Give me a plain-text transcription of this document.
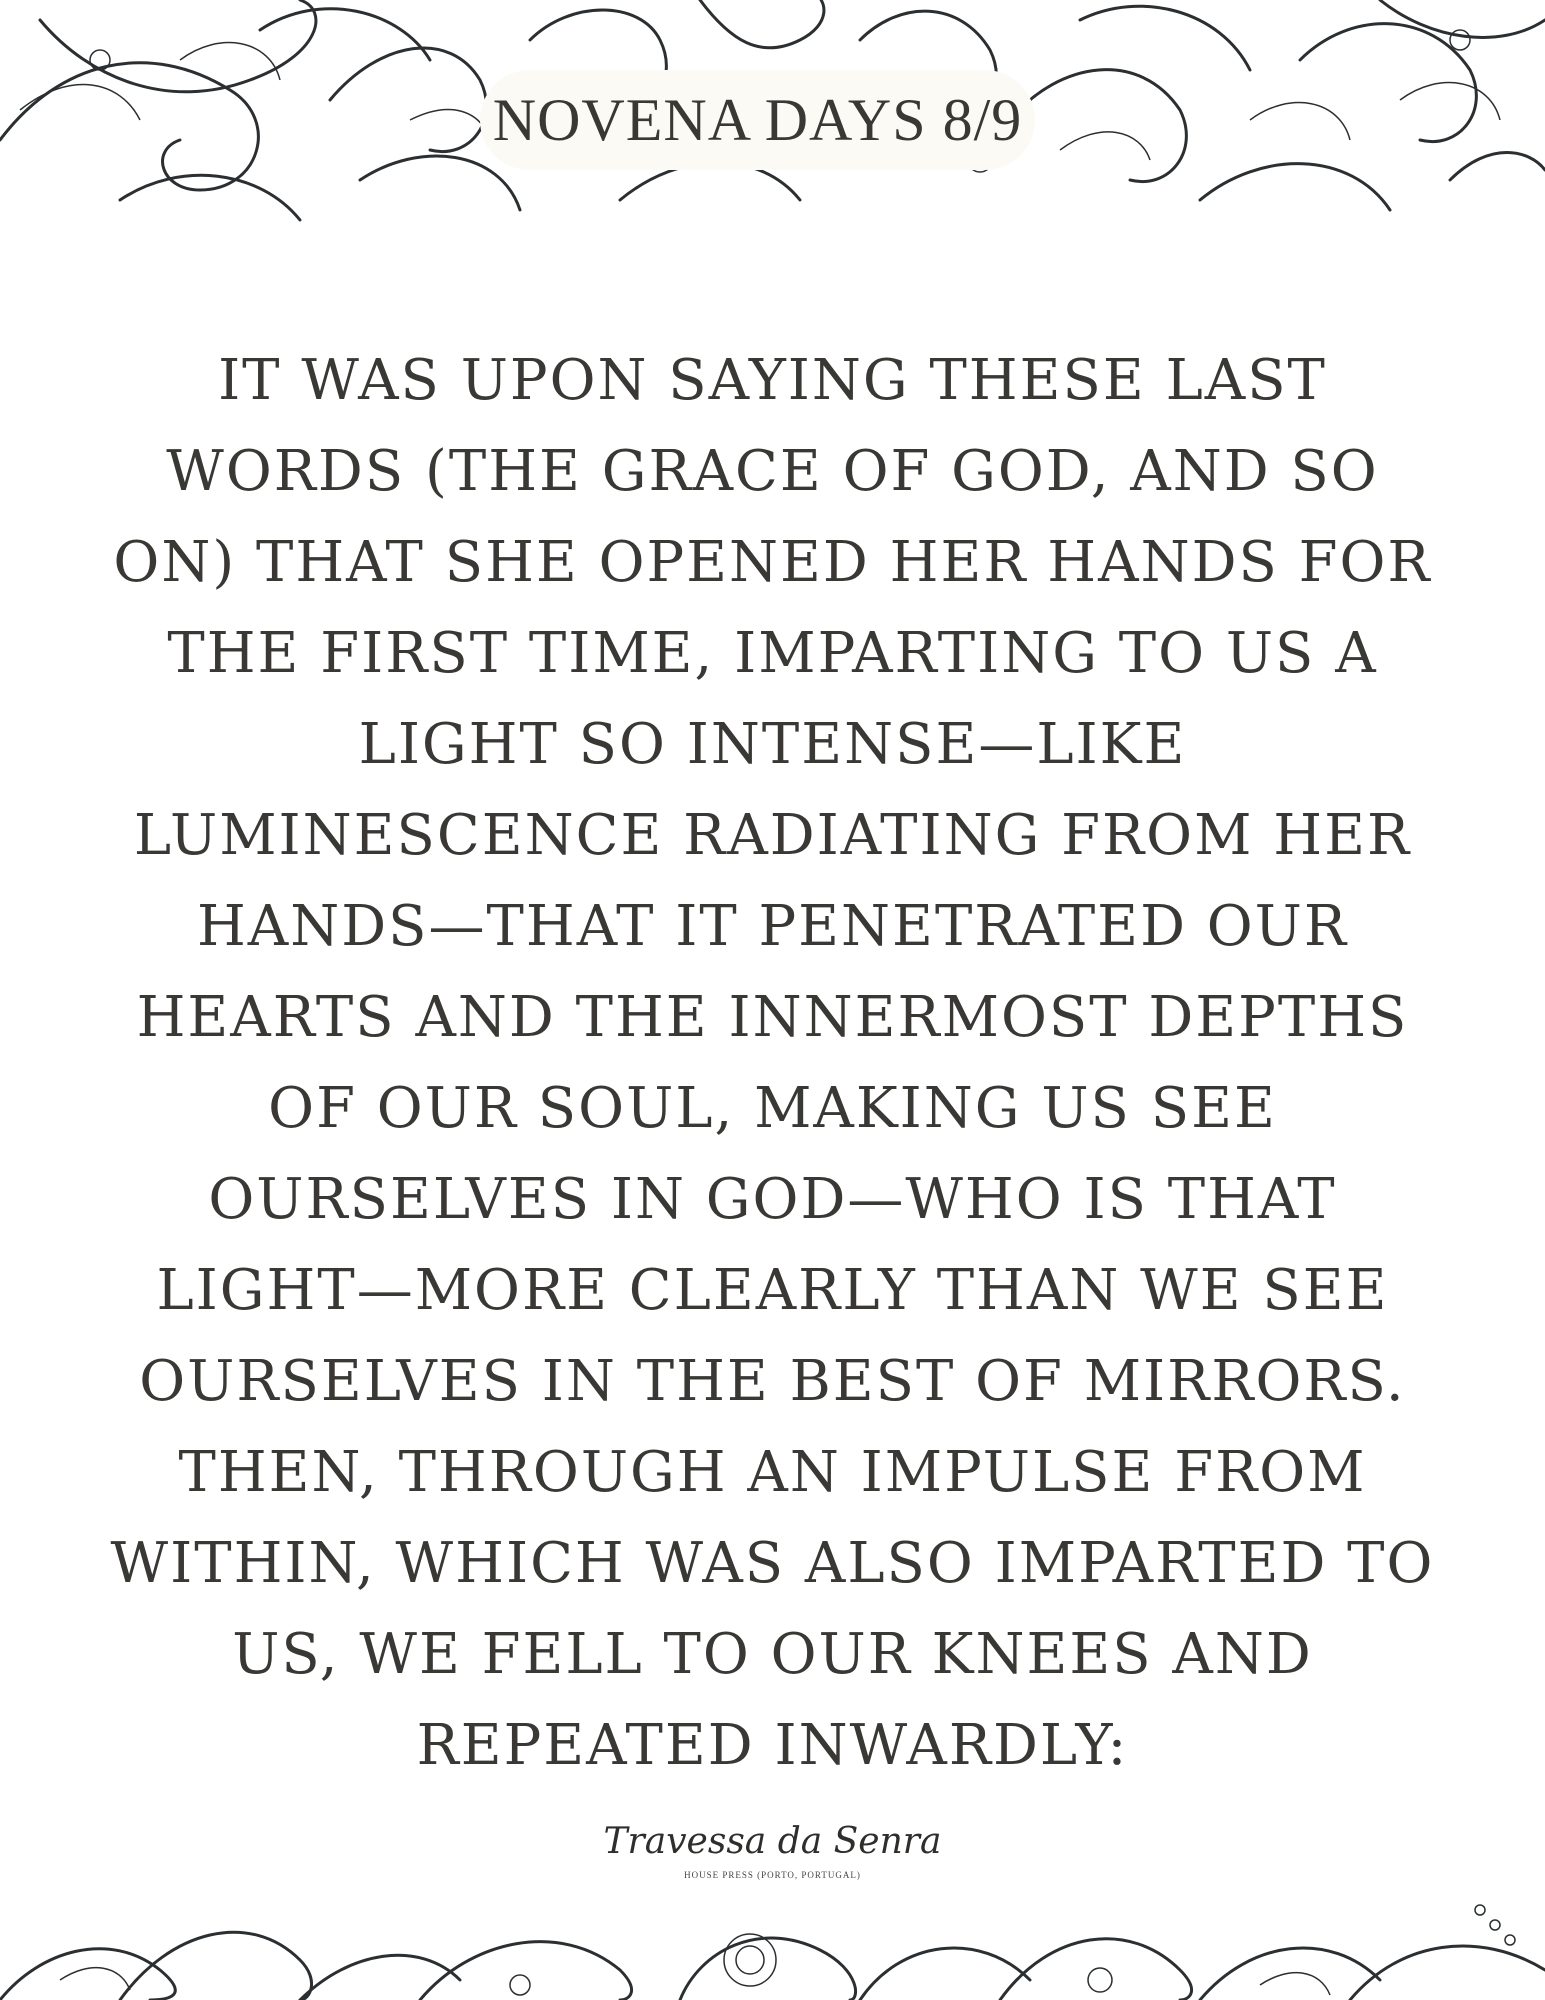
NOVENA DAYS 8/9
IT WAS UPON SAYING THESE LAST WORDS (THE GRACE OF GOD, AND SO ON) THAT SHE OPENED HER HANDS FOR THE FIRST TIME, IMPARTING TO US A LIGHT SO INTENSE—LIKE LUMINESCENCE RADIATING FROM HER HANDS—THAT IT PENETRATED OUR HEARTS AND THE INNERMOST DEPTHS OF OUR SOUL, MAKING US SEE OURSELVES IN GOD—WHO IS THAT LIGHT—MORE CLEARLY THAN WE SEE OURSELVES IN THE BEST OF MIRRORS. THEN, THROUGH AN IMPULSE FROM WITHIN, WHICH WAS ALSO IMPARTED TO US, WE FELL TO OUR KNEES AND REPEATED INWARDLY:
Travessa da Senra
HOUSE PRESS (PORTO, PORTUGAL)
